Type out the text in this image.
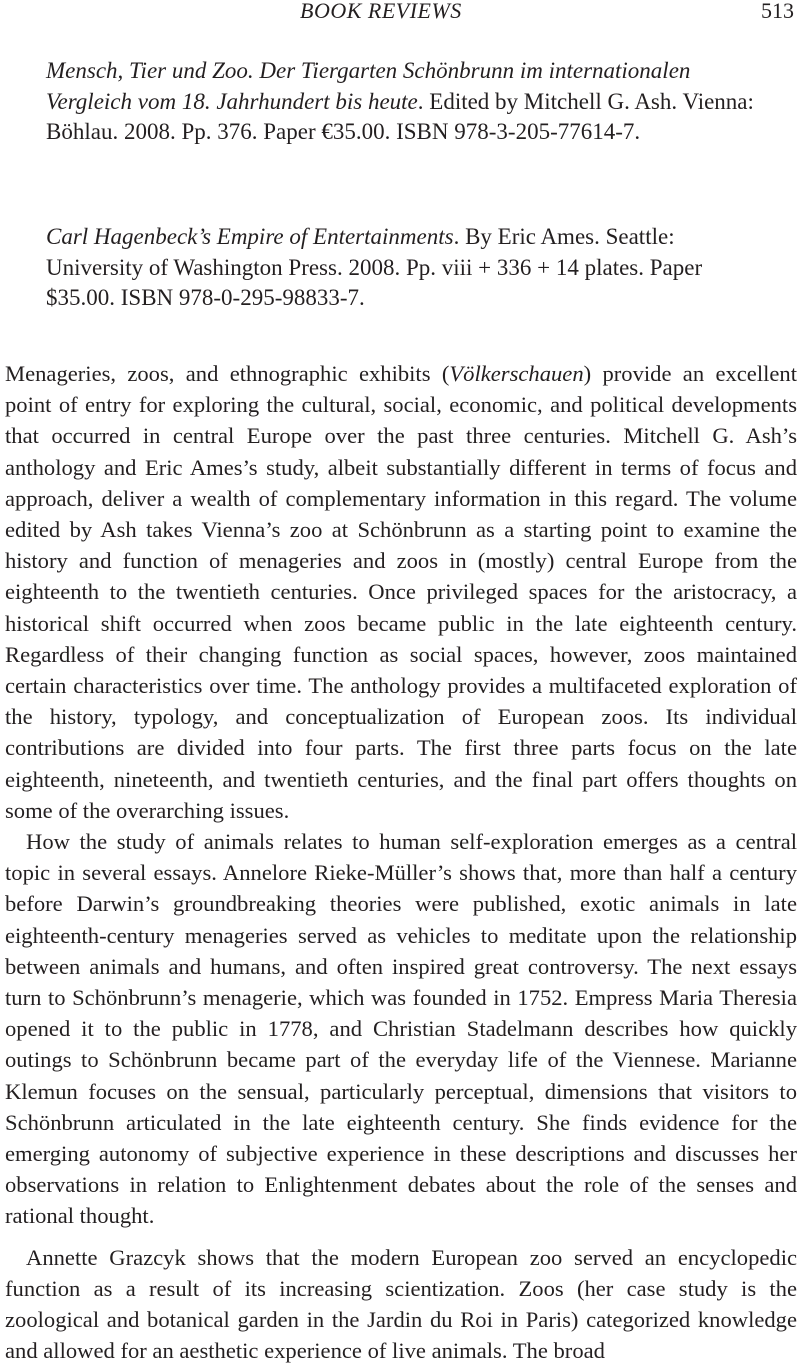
BOOK REVIEWS	513
Mensch, Tier und Zoo. Der Tiergarten Schönbrunn im internationalen Vergleich vom 18. Jahrhundert bis heute. Edited by Mitchell G. Ash. Vienna: Böhlau. 2008. Pp. 376. Paper €35.00. ISBN 978-3-205-77614-7.
Carl Hagenbeck’s Empire of Entertainments. By Eric Ames. Seattle: University of Washington Press. 2008. Pp. viii + 336 + 14 plates. Paper $35.00. ISBN 978-0-295-98833-7.

Menageries, zoos, and ethnographic exhibits (Völkerschauen) provide an excellent point of entry for exploring the cultural, social, economic, and political developments that occurred in central Europe over the past three centuries. Mitchell G. Ash’s anthology and Eric Ames’s study, albeit substantially different in terms of focus and approach, deliver a wealth of complementary information in this regard. The volume edited by Ash takes Vienna’s zoo at Schönbrunn as a starting point to examine the history and function of menageries and zoos in (mostly) central Europe from the eighteenth to the twentieth centuries. Once privileged spaces for the aristocracy, a historical shift occurred when zoos became public in the late eighteenth century. Regardless of their changing function as social spaces, however, zoos maintained certain characteristics over time. The anthology provides a multifaceted exploration of the history, typology, and conceptualization of European zoos. Its individual contributions are divided into four parts. The first three parts focus on the late eighteenth, nineteenth, and twentieth centuries, and the final part offers thoughts on some of the overarching issues.

How the study of animals relates to human self-exploration emerges as a central topic in several essays. Annelore Rieke-Müller’s shows that, more than half a century before Darwin’s groundbreaking theories were published, exotic animals in late eighteenth-century menageries served as vehicles to meditate upon the relationship between animals and humans, and often inspired great controversy. The next essays turn to Schönbrunn’s menagerie, which was founded in 1752. Empress Maria Theresia opened it to the public in 1778, and Christian Stadelmann describes how quickly outings to Schönbrunn became part of the everyday life of the Viennese. Marianne Klemun focuses on the sensual, particularly perceptual, dimensions that visitors to Schönbrunn articulated in the late eighteenth century. She finds evidence for the emerging autonomy of subjective experience in these descriptions and discusses her observations in relation to Enlightenment debates about the role of the senses and rational thought.

Annette Grazcyk shows that the modern European zoo served an encyclopedic function as a result of its increasing scientization. Zoos (her case study is the zoological and botanical garden in the Jardin du Roi in Paris) categorized knowledge and allowed for an aesthetic experience of live animals. The broad
